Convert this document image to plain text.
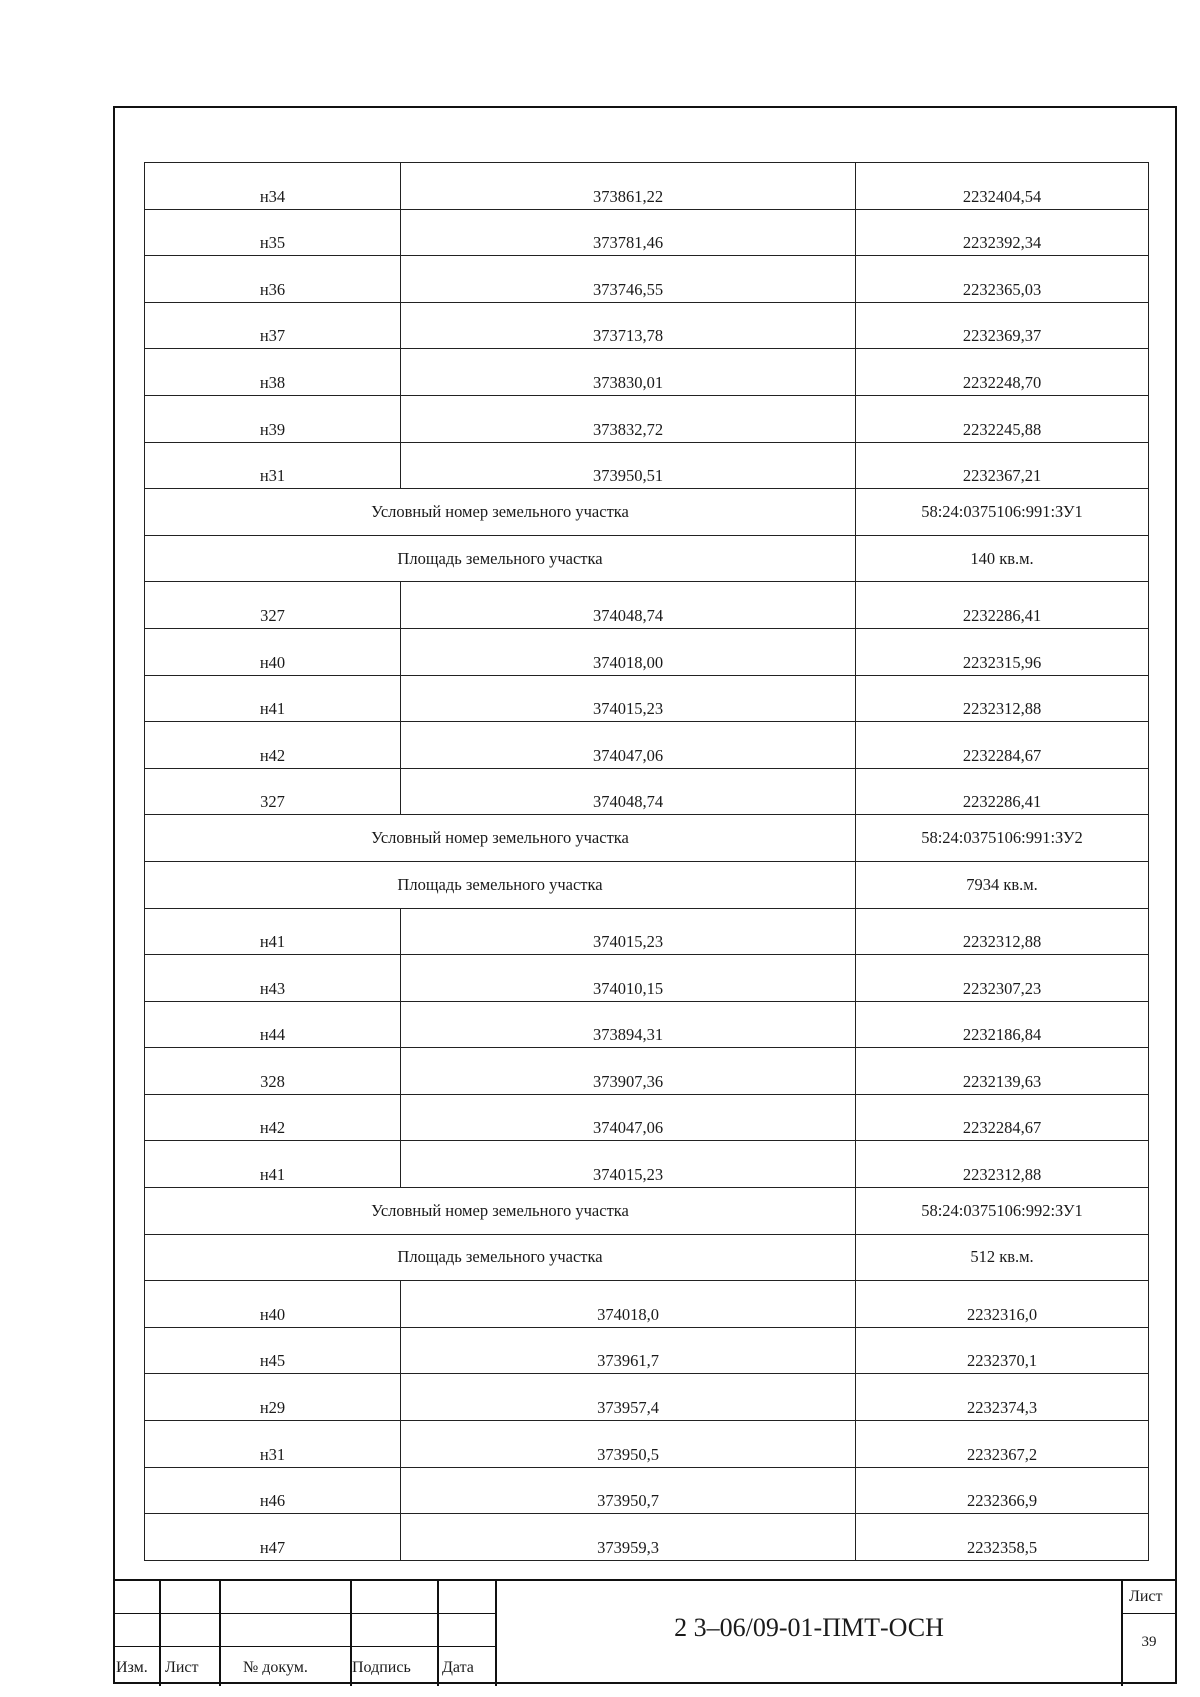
н34	373861,22	2232404,54
н35	373781,46	2232392,34
н36	373746,55	2232365,03
н37	373713,78	2232369,37
н38	373830,01	2232248,70
н39	373832,72	2232245,88
н31	373950,51	2232367,21
Условный номер земельного участка		58:24:0375106:991:ЗУ1
Площадь земельного участка		140 кв.м.
327	374048,74	2232286,41
н40	374018,00	2232315,96
н41	374015,23	2232312,88
н42	374047,06	2232284,67
327	374048,74	2232286,41
Условный номер земельного участка		58:24:0375106:991:ЗУ2
Площадь земельного участка		7934 кв.м.
н41	374015,23	2232312,88
н43	374010,15	2232307,23
н44	373894,31	2232186,84
328	373907,36	2232139,63
н42	374047,06	2232284,67
н41	374015,23	2232312,88
Условный номер земельного участка		58:24:0375106:992:ЗУ1
Площадь земельного участка		512 кв.м.
н40	374018,0	2232316,0
н45	373961,7	2232370,1
н29	373957,4	2232374,3
н31	373950,5	2232367,2
н46	373950,7	2232366,9
н47	373959,3	2232358,5
Изм. Лист	№ докум.	Подпись Дата
2 3–06/09-01-ПМТ-ОСН
Лист
39
